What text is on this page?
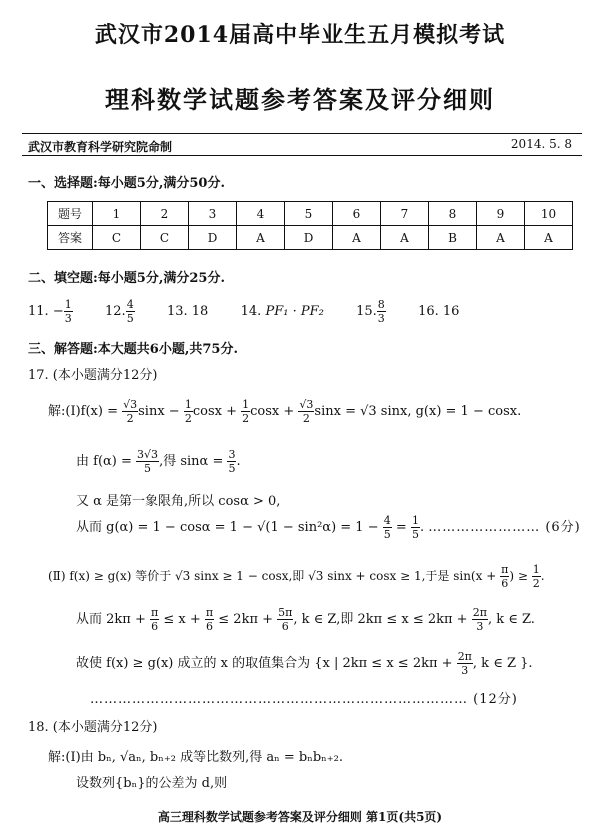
武汉市2014届高中毕业生五月模拟考试
理科数学试题参考答案及评分细则
武汉市教育科学研究院命制	2014. 5. 8
一、选择题:每小题5分,满分50分.
题号	1	2	3	4	5	6	7	8	9	10
答案	C	C	D	A	D	A	A	B	A	A
二、填空题:每小题5分,满分25分.
11. − $\frac{1}{3} 12$. $\frac{4}{5} 13$. 18 14. PF₁ · PF₂ 15. $\frac{8}{3} 16$. 16
三、解答题:本大题共6小题,共75分.
17. (本小题满分12分)
解:(Ⅰ)f(x) = $\frac{√3}{2}$ $\sin x - \frac{1}{2}$ $\cos x + \frac{1}{2}$ $\cos x + \frac{√3}{2}$ sinx = √3 sinx, g(x) = 1 − cosx.
由 $f(\alpha) = \frac{3√3}{5}$ ,得 $\sin\alpha = \frac{3}{5}$ .
又 α 是第一象限角,所以 cosα > 0,
从而 $g(\alpha) = 1 - \cos\alpha = 1 - √(1 - \sin^2\alpha) = 1 - \frac{4}{5} = \frac{1}{5}$ . …………………… (6分)
(Ⅱ) f(x) ≥ g(x) 等价于 √3 sinx ≥ 1 − cosx,即 √3 sinx + cosx ≥ 1,于是 $\sin(x + \frac{\pi}{6}$ ) ≥ $\frac{1}{2}$ .
从而 $2k\pi + \frac{\pi}{6} \le x + \frac{\pi}{6} \le 2k\pi + \frac{5\pi}{6}$ , k ∈ Z,即 $2k\pi \le x \le 2k\pi + \frac{2\pi}{3}$ , k ∈ Z.
故使 f(x) ≥ g(x) 成立的 x 的取值集合为 {x | $2k\pi \le x \le 2k\pi + \frac{2\pi}{3}$ , k ∈ Z }.
……………………………………………………………………… (12分)
18. (本小题满分12分)
解:(Ⅰ)由 bₙ, √aₙ, bₙ₊₂ 成等比数列,得 aₙ = bₙbₙ₊₂.
设数列{bₙ}的公差为 d,则
高三理科数学试题参考答案及评分细则 第1页(共5页)
